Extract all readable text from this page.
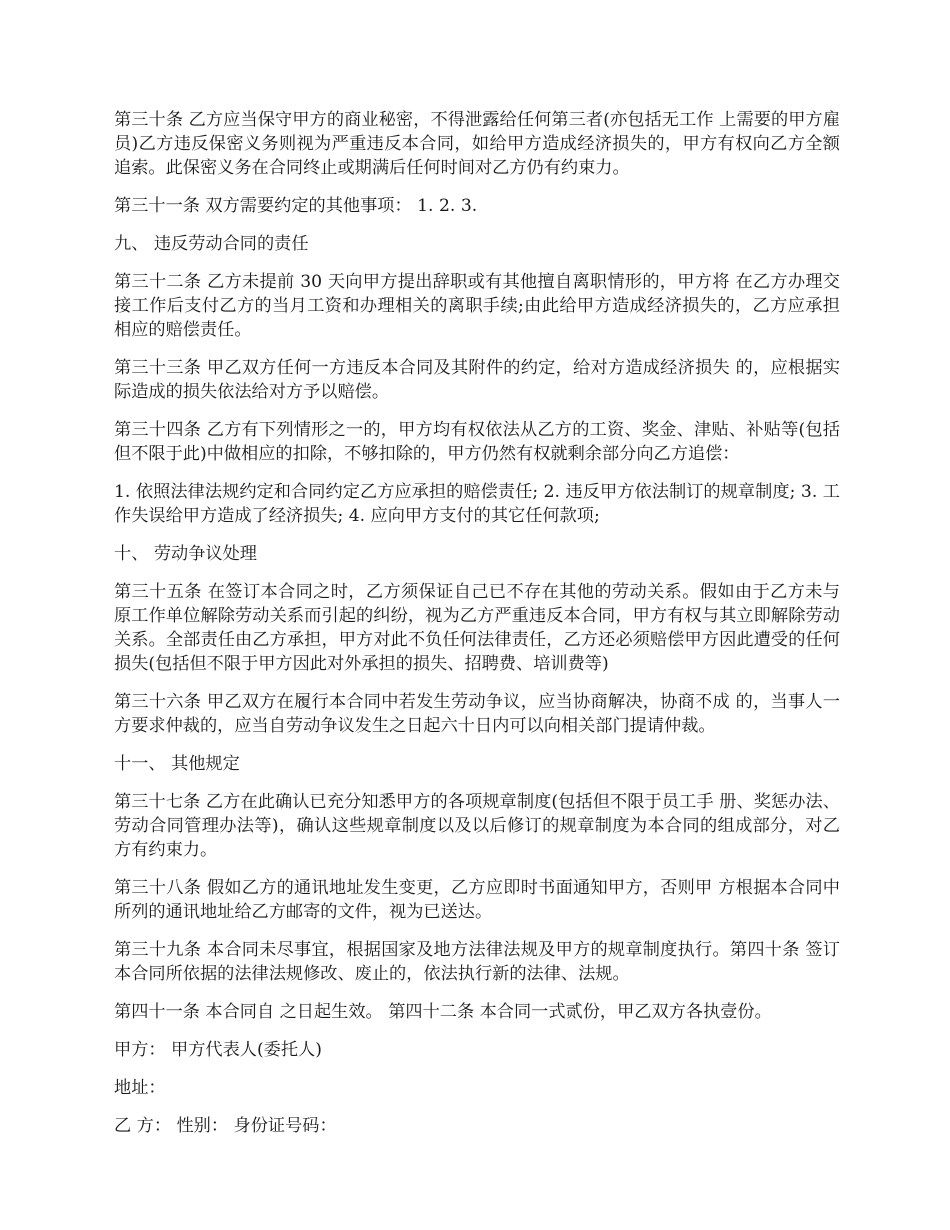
第三十条 乙方应当保守甲方的商业秘密，不得泄露给任何第三者(亦包括无工作 上需要的甲方雇员)乙方违反保密义务则视为严重违反本合同，如给甲方造成经济损失的，甲方有权向乙方全额追索。此保密义务在合同终止或期满后任何时间对乙方仍有约束力。

第三十一条 双方需要约定的其他事项： 1. 2. 3.

九、 违反劳动合同的责任

第三十二条 乙方未提前 30 天向甲方提出辞职或有其他擅自离职情形的，甲方将 在乙方办理交接工作后支付乙方的当月工资和办理相关的离职手续;由此给甲方造成经济损失的，乙方应承担相应的赔偿责任。

第三十三条 甲乙双方任何一方违反本合同及其附件的约定，给对方造成经济损失 的，应根据实际造成的损失依法给对方予以赔偿。

第三十四条 乙方有下列情形之一的，甲方均有权依法从乙方的工资、奖金、津贴、补贴等(包括但不限于此)中做相应的扣除，不够扣除的，甲方仍然有权就剩余部分向乙方追偿：

1. 依照法律法规约定和合同约定乙方应承担的赔偿责任; 2. 违反甲方依法制订的规章制度; 3. 工作失误给甲方造成了经济损失; 4. 应向甲方支付的其它任何款项;

十、 劳动争议处理

第三十五条 在签订本合同之时，乙方须保证自己已不存在其他的劳动关系。假如由于乙方未与原工作单位解除劳动关系而引起的纠纷，视为乙方严重违反本合同，甲方有权与其立即解除劳动关系。全部责任由乙方承担，甲方对此不负任何法律责任，乙方还必须赔偿甲方因此遭受的任何损失(包括但不限于甲方因此对外承担的损失、招聘费、培训费等)

第三十六条 甲乙双方在履行本合同中若发生劳动争议，应当协商解决，协商不成 的，当事人一方要求仲裁的，应当自劳动争议发生之日起六十日内可以向相关部门提请仲裁。

十一、 其他规定

第三十七条 乙方在此确认已充分知悉甲方的各项规章制度(包括但不限于员工手 册、奖惩办法、劳动合同管理办法等)，确认这些规章制度以及以后修订的规章制度为本合同的组成部分，对乙方有约束力。

第三十八条 假如乙方的通讯地址发生变更，乙方应即时书面通知甲方，否则甲 方根据本合同中所列的通讯地址给乙方邮寄的文件，视为已送达。

第三十九条 本合同未尽事宜，根据国家及地方法律法规及甲方的规章制度执行。第四十条 签订本合同所依据的法律法规修改、废止的，依法执行新的法律、法规。

第四十一条 本合同自 之日起生效。 第四十二条 本合同一式贰份，甲乙双方各执壹份。

甲方： 甲方代表人(委托人)

地址：

乙 方： 性别： 身份证号码：
